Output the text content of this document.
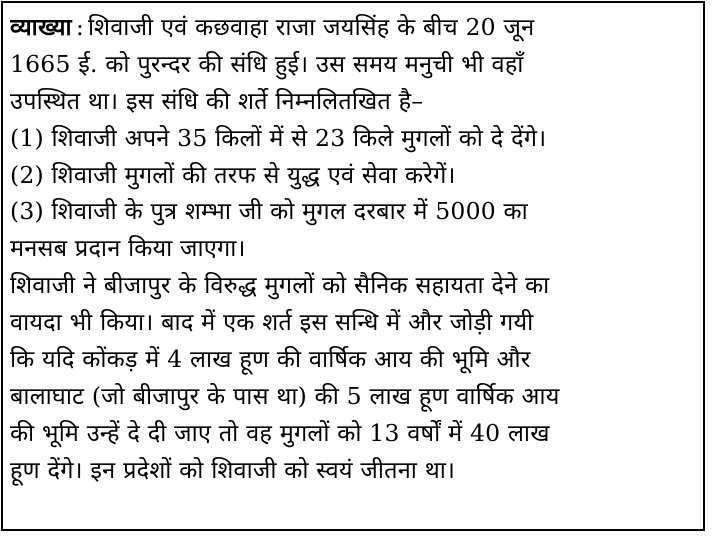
व्याख्या : शिवाजी एवं कछवाहा राजा जयसिंह के बीच 20 जून
1665 ई. को पुरन्दर की संधि हुई। उस समय मनुची भी वहाँ
उपस्थित था। इस संधि की शर्ते निम्नलितखित है–
(1) शिवाजी अपने 35 किलों में से 23 किले मुगलों को दे देंगे।
(2) शिवाजी मुगलों की तरफ से युद्ध एवं सेवा करेगें।
(3) शिवाजी के पुत्र शम्भा जी को मुगल दरबार में 5000 का
मनसब प्रदान किया जाएगा।
शिवाजी ने बीजापुर के विरुद्ध मुगलों को सैनिक सहायता देने का
वायदा भी किया। बाद में एक शर्त इस सन्धि में और जोड़ी गयी
कि यदि कोंकड़ में 4 लाख हूण की वार्षिक आय की भूमि और
बालाघाट (जो बीजापुर के पास था) की 5 लाख हूण वार्षिक आय
की भूमि उन्हें दे दी जाए तो वह मुगलों को 13 वर्षों में 40 लाख
हूण देंगे। इन प्रदेशों को शिवाजी को स्वयं जीतना था।
